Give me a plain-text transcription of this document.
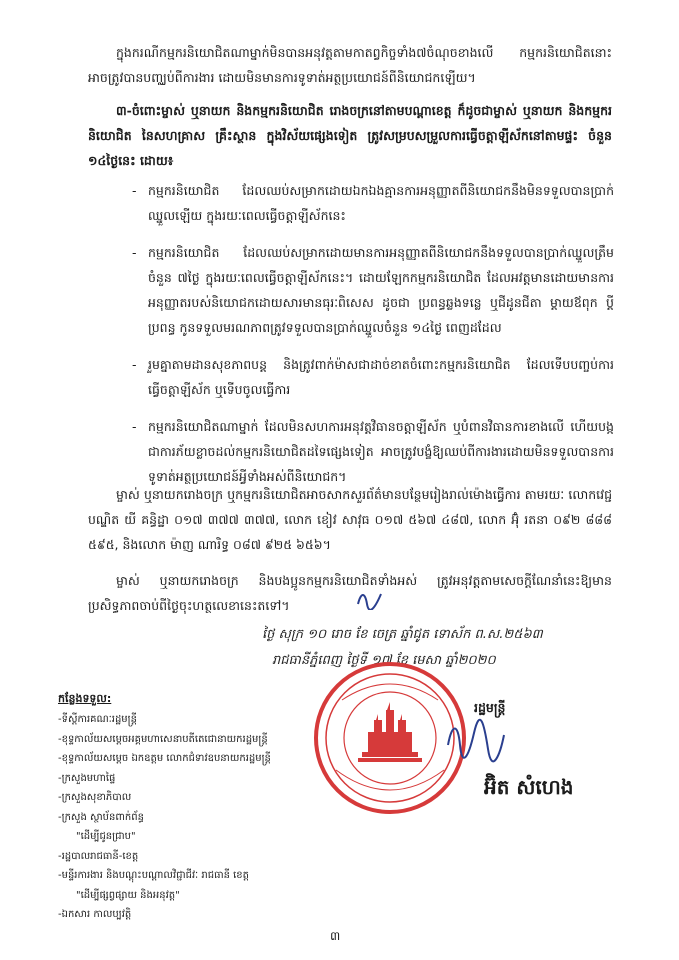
ក្នុងករណីកម្មករនិយោជិតណាម្នាក់មិនបានអនុវត្តតាមកាតព្វកិច្ចទាំង៧ចំណុចខាងលើ កម្មករនិយោជិតនោះ អាចត្រូវបានបញ្ឈប់ពីការងារ ដោយមិនមានការទូទាត់អត្ថប្រយោជន៍ពីនិយោជកឡើយ។

៣-ចំពោះម្ចាស់ ឬនាយក និងកម្មករនិយោជិត រោងចក្រនៅតាមបណ្តាខេត្ត ក៏ដូចជាម្ចាស់ ឬនាយក និងកម្មករនិយោជិត នៃសហគ្រាស គ្រឹះស្ថាន ក្នុងវិស័យផ្សេងទៀត ត្រូវសម្របសម្រួលការធ្វើចត្តាឡីស័កនៅតាមផ្ទះ ចំនួន ១៤ថ្ងៃនេះ ដោយ៖

- កម្មករនិយោជិត ដែលឈប់សម្រាកដោយឯកឯងគ្មានការអនុញ្ញាតពីនិយោជកនឹងមិនទទួលបានប្រាក់ឈ្នួលឡើយ ក្នុងរយៈពេលធ្វើចត្តាឡីស័កនេះ
- កម្មករនិយោជិត ដែលឈប់សម្រាកដោយមានការអនុញ្ញាតពីនិយោជកនឹងទទួលបានប្រាក់ឈ្នួលត្រឹមចំនួន ៧ថ្ងៃ ក្នុងរយៈពេលធ្វើចត្តាឡីស័កនេះ។ ដោយឡែកកម្មករនិយោជិត ដែលអវត្តមានដោយមានការអនុញ្ញាតរបស់និយោជកដោយសារមានធុរៈពិសេស ដូចជា ប្រពន្ធឆ្លងទន្លេ ឬជីដូនជីតា ម្តាយឪពុក ប្តីប្រពន្ធ កូនទទួលមរណភាពត្រូវទទួលបានប្រាក់ឈ្នួលចំនួន ១៤ថ្ងៃ ពេញដដែល
- រួមគ្នាតាមដានសុខភាពបន្ត និងត្រូវពាក់ម៉ាសជាដាច់ខាតចំពោះកម្មករនិយោជិត ដែលទើបបញ្ចប់ការធ្វើចត្តាឡីស័ក ឬទើបចូលធ្វើការ
- កម្មករនិយោជិតណាម្នាក់ ដែលមិនសហការអនុវត្តវិធានចត្តាឡីស័ក ឬបំពានវិធានការខាងលើ ហើយបង្កជាការភ័យខ្លាចដល់កម្មករនិយោជិតដទៃផ្សេងទៀត អាចត្រូវបង្ខំឱ្យឈប់ពីការងារដោយមិនទទួលបានការទូទាត់អត្ថប្រយោជន៍អ្វីទាំងអស់ពីនិយោជក។

ម្ចាស់ ឬនាយករោងចក្រ ឬកម្មករនិយោជិតអាចសាកសួរព័ត៌មានបន្ថែមរៀងរាល់ម៉ោងធ្វើការ តាមរយៈ លោកវេជ្ជបណ្ឌិត យី គន្ធិដ្ឋា ០១៧ ៣៧៧ ៣៧៧, លោក ខៀវ សាវុធ ០១៧ ៥៦៧ ៤៨៧, លោក អ៊ុំ រតនា ០៩២ ៨៨៨ ៥៩៥, និងលោក ម៉ាញ ណារិទ្ធ ០៨៧ ៩២៥ ៦៥៦។

ម្ចាស់ ឬនាយករោងចក្រ និងបងប្អូនកម្មករនិយោជិតទាំងអស់ ត្រូវអនុវត្តតាមសេចក្តីណែនាំនេះឱ្យមានប្រសិទ្ធភាពចាប់ពីថ្ងៃចុះហត្ថលេខានេះតទៅ។

ថ្ងៃ សុក្រ ១០ រោច ខែ ចេត្រ ឆ្នាំជូត ទោស័ក ព.ស.២៥៦៣
រាជធានីភ្នំពេញ ថ្ងៃទី ១៧ ខែ មេសា ឆ្នាំ២០២០
រដ្ឋមន្ត្រី
អ៊ិត សំហេង
កន្លែងទទួល:
-ទីស្តីការគណៈរដ្ឋមន្ត្រី
-ខុទ្ទកាល័យសម្តេចអគ្គមហាសេនាបតីតេជោនាយករដ្ឋមន្ត្រី
-ខុទ្ទកាល័យសម្តេច ឯកឧត្តម លោកជំទាវឧបនាយករដ្ឋមន្ត្រី
-ក្រសួងមហាផ្ទៃ
-ក្រសួងសុខាភិបាល
-ក្រសួង ស្ថាប័នពាក់ព័ន្ធ
"ដើម្បីជូនជ្រាប"
-រដ្ឋបាលរាជធានី-ខេត្ត
-មន្ទីរការងារ និងបណ្តុះបណ្តាលវិជ្ជាជីវៈ រាជធានី ខេត្ត
"ដើម្បីផ្សព្វផ្សាយ និងអនុវត្ត"
-ឯកសារ កាលប្បវត្តិ
៣
